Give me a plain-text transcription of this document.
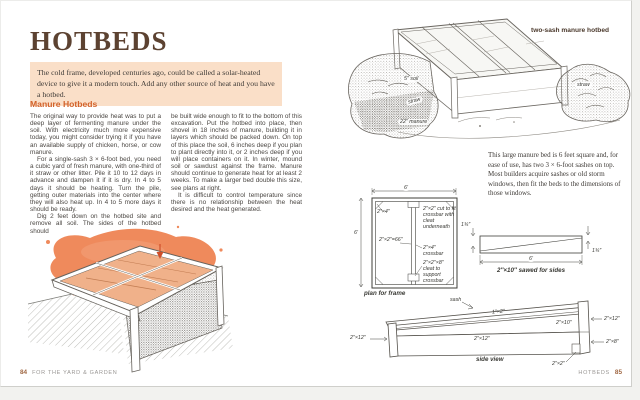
HOTBEDS
The cold frame, developed centuries ago, could be called a solar-heated device to give it a modern touch. Add any other source of heat and you have a hotbed.
Manure Hotbeds

The original way to provide heat was to put a deep layer of fermenting manure under the soil. With electricity much more expensive today, you might consider trying it if you have an available supply of chicken, horse, or cow manure.

For a single-sash 3 × 6-foot bed, you need a cubic yard of fresh manure, with one-third of it straw or other litter. Pile it 10 to 12 days in advance and dampen it if it is dry. In 4 to 5 days it should be heating. Turn the pile, getting outer materials into the center where they will also heat up. In 4 to 5 more days it should be ready.

Dig 2 feet down on the hotbed site and remove all soil. The sides of the hotbed should

be built wide enough to fit to the bottom of this excavation. Put the hotbed into place, then shovel in 18 inches of manure, building it in layers which should be packed down. On top of this place the soil, 6 inches deep if you plan to plant directly into it, or 2 inches deep if you will place containers on it. In winter, mound soil or sawdust against the frame. Manure should continue to generate heat for at least 2 weeks. To make a larger bed double this size, see plans at right.

It is difficult to control temperature since there is no relationship between the heat desired and the heat generated.

84 FOR THE YARD & GARDEN
two-sash manure hotbed
5″ soil
straw
22″ manure
straw
This large manure bed is 6 feet square and, for ease of use, has two 3 × 6-foot sashes on top. Most builders acquire sashes or old storm windows, then fit the beds to the dimensions of those windows.
6′
6′
2″×4″
2″×2″=66″
2″×2″ cut to fit crossbar with cleat underneath
2″×4″ crossbar
2″×2″×8″ cleat to support crossbar
plan for frame
1¾″
1¾″
6′
2″×10″ sawed for sides
sash
1″×2″
2″×10″
2″×12″
2″×12″
2″×12″
2″×8″
2″×2″
side view
HOTBEDS 85
